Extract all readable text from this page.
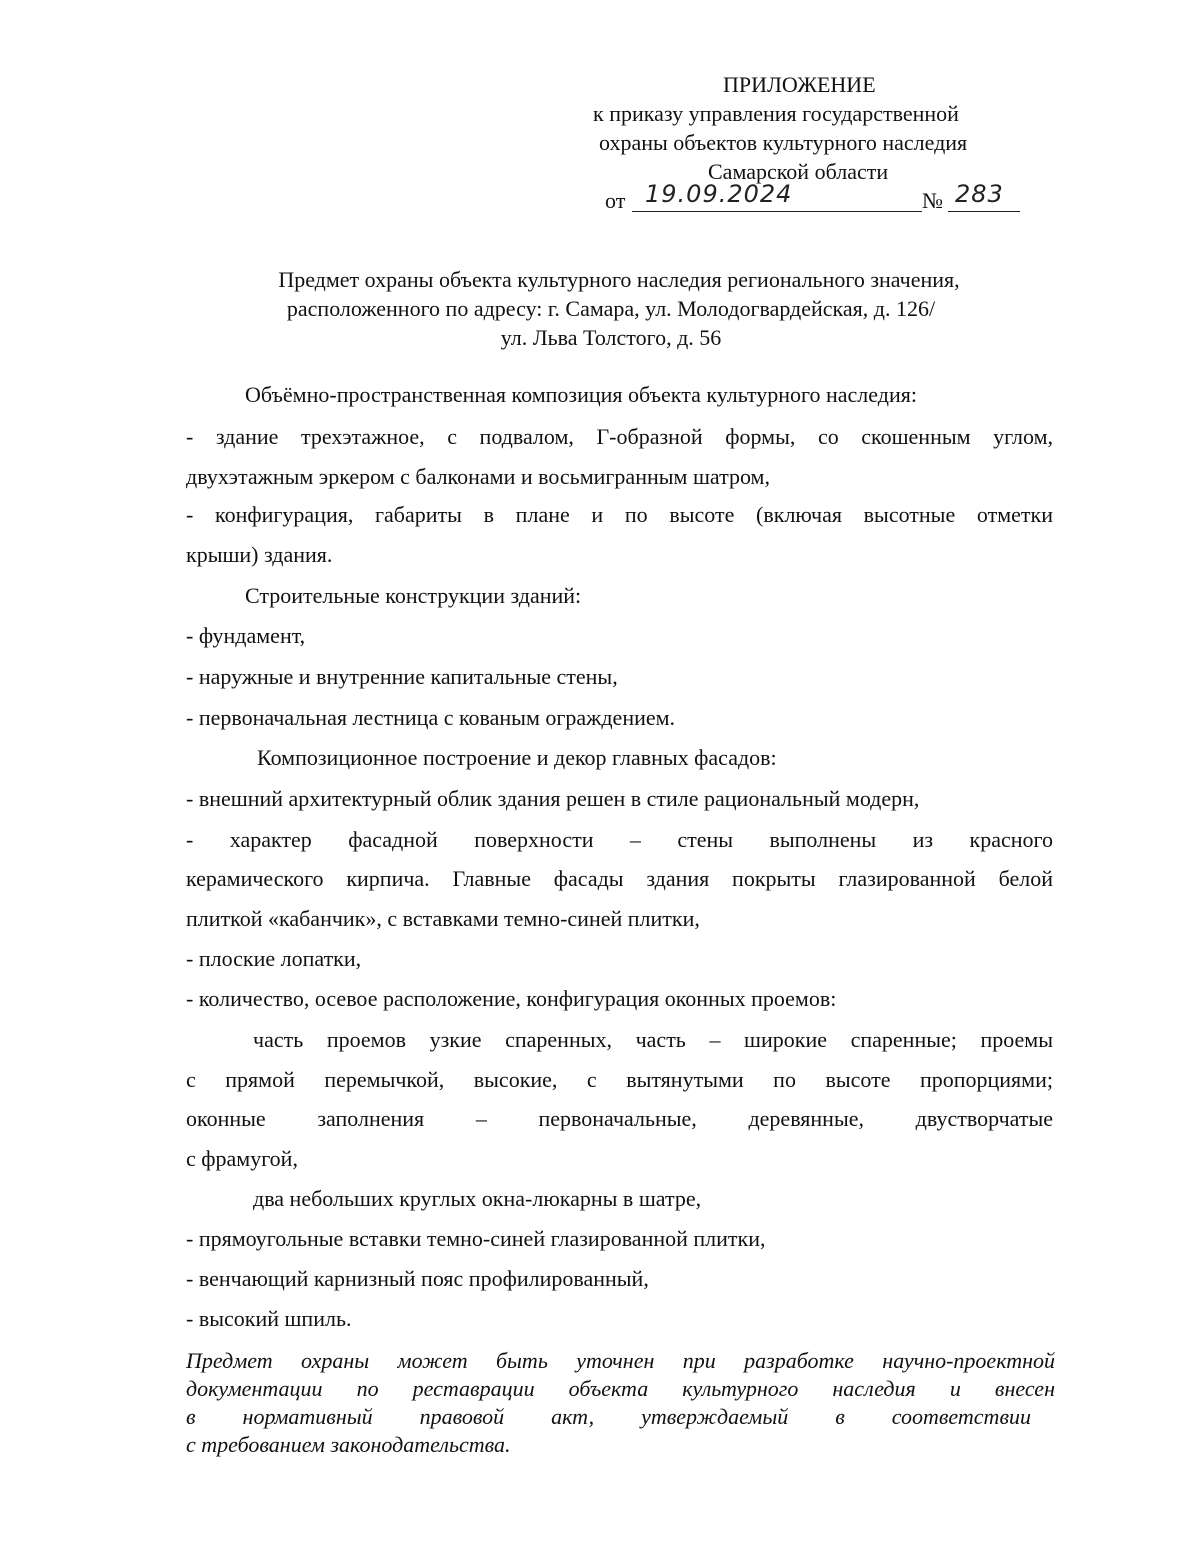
ПРИЛОЖЕНИЕ
к приказу управления государственной
охраны объектов культурного наследия
Самарской области
от 19.09.2024	№ 283
Предмет охраны объекта культурного наследия регионального значения,
расположенного по адресу: г. Самара, ул. Молодогвардейская, д. 126/
ул. Льва Толстого, д. 56
Объёмно-пространственная композиция объекта культурного наследия:
- здание трехэтажное, с подвалом, Г-образной формы, со скошенным углом,
двухэтажным эркером с балконами и восьмигранным шатром,
- конфигурация, габариты в плане и по высоте (включая высотные отметки
крыши) здания.
Строительные конструкции зданий:
- фундамент,
- наружные и внутренние капитальные стены,
- первоначальная лестница с кованым ограждением.
Композиционное построение и декор главных фасадов:
- внешний архитектурный облик здания решен в стиле рациональный модерн,
- характер фасадной поверхности – стены выполнены из красного
керамического кирпича. Главные фасады здания покрыты глазированной белой
плиткой «кабанчик», с вставками темно-синей плитки,
- плоские лопатки,
- количество, осевое расположение, конфигурация оконных проемов:
часть проемов узкие спаренных, часть – широкие спаренные; проемы
с прямой перемычкой, высокие, с вытянутыми по высоте пропорциями;
оконные заполнения – первоначальные, деревянные, двустворчатые
с фрамугой,
два небольших круглых окна-люкарны в шатре,
- прямоугольные вставки темно-синей глазированной плитки,
- венчающий карнизный пояс профилированный,
- высокий шпиль.
Предмет охраны может быть уточнен при разработке научно-проектной
документации по реставрации объекта культурного наследия и внесен
в нормативный правовой акт, утверждаемый в соответствии
с требованием законодательства.
